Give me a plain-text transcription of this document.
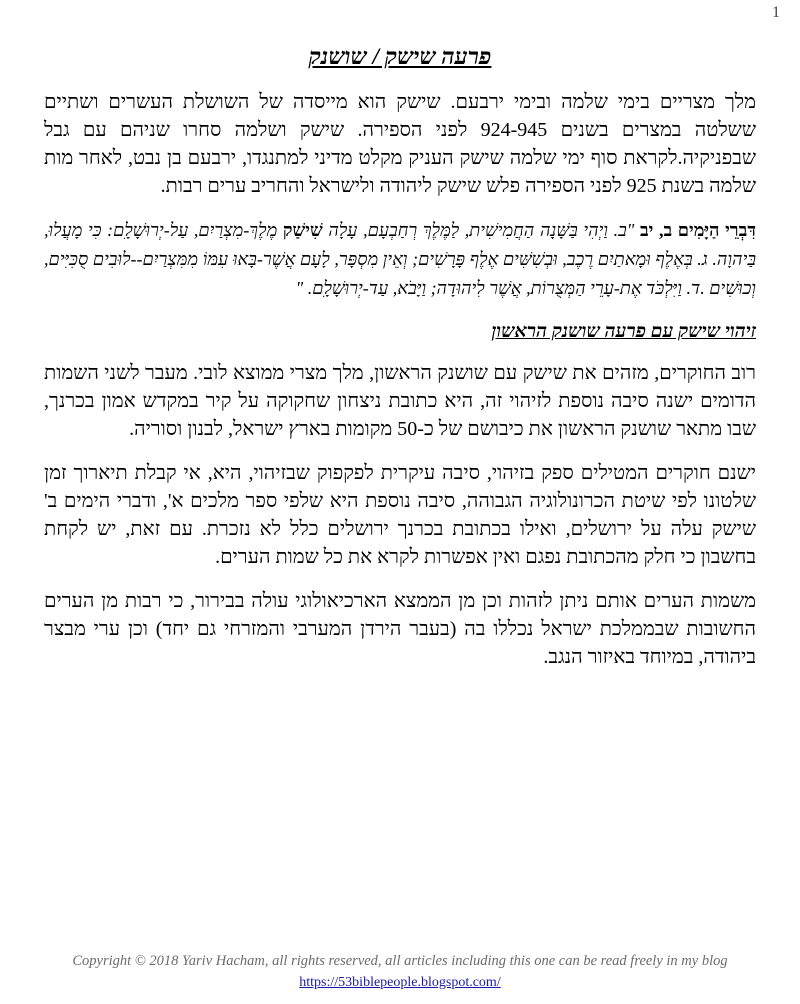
1
פרעה שישק / שושנק

מלך מצריים בימי שלמה ובימי ירבעם. שישק הוא מייסדה של השושלת העשרים ושתיים ששלטה במצרים בשנים 924-945 לפני הספירה. שישק ושלמה סחרו שניהם עם גבל שבפניקיה.לקראת סוף ימי שלמה שישק העניק מקלט מדיני למתנגדו, ירבעם בן נבט, לאחר מות שלמה בשנת 925 לפני הספירה פלש שישק ליהודה ולישראל והחריב ערים רבות.

דִּבְרֵי הַיָּמִים ב, יב "ב. וַיְהִי בַּשָּׁנָה הַחֲמִישִׁית, לַמֶּלֶךְ רְחַבְעָם, עָלָה שִׁישַׁק מֶלֶךְ-מִצְרַיִם, עַל-יְרוּשָׁלִָם: כִּי מָעֲלוּ, בַּיהוָה. ג. בְּאֶלֶף וּמָאתַיִם רֶכֶב, וּבְשִׁשִּׁים אֶלֶף פָּרָשִׁים; וְאֵין מִסְפָּר, לָעָם אֲשֶׁר-בָּאוּ עִמּוֹ מִמִּצְרַיִם--לוּבִים סֻכִּיִּים, וְכוּשִׁים .ד. וַיִּלְכֹּד אֶת-עָרֵי הַמְּצֻרוֹת, אֲשֶׁר לִיהוּדָה; וַיָּבֹא, עַד-יְרוּשָׁלִָם. "

זיהוי שישק עם פרעה שושנק הראשון

רוב החוקרים, מזהים את שישק עם שושנק הראשון, מלך מצרי ממוצא לובי. מעבר לשני השמות הדומים ישנה סיבה נוספת לזיהוי זה, היא כתובת ניצחון שחקוקה על קיר במקדש אמון בכרנך, שבו מתאר שושנק הראשון את כיבושם של כ-50 מקומות בארץ ישראל, לבנון וסוריה.

ישנם חוקרים המטילים ספק בזיהוי, סיבה עיקרית לפקפוק שבזיהוי, היא, אי קבלת תיארוך זמן שלטונו לפי שיטת הכרונולוגיה הגבוהה, סיבה נוספת היא שלפי ספר מלכים א', ודברי הימים ב' שישק עלה על ירושלים, ואילו בכתובת בכרנך ירושלים כלל לא נזכרת. עם זאת, יש לקחת בחשבון כי חלק מהכתובת נפגם ואין אפשרות לקרא את כל שמות הערים.

משמות הערים אותם ניתן לזהות וכן מן הממצא הארכיאולוגי עולה בבירור, כי רבות מן הערים החשובות שבממלכת ישראל נכללו בה (בעבר הירדן המערבי והמזרחי גם יחד) וכן ערי מבצר ביהודה, במיוחד באיזור הנגב.

Copyright © 2018 Yariv Hacham, all rights reserved, all articles including this one can be read freely in my blog
https://53biblepeople.blogspot.com/
